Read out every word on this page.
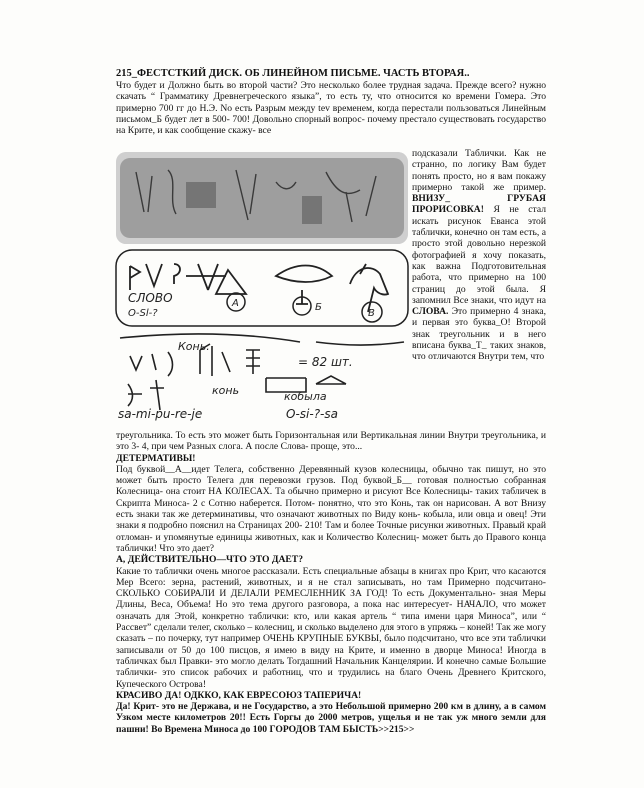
215_ФЕСТСТКИЙ ДИСК. ОБ ЛИНЕЙНОМ ПИСЬМЕ. ЧАСТЬ ВТОРАЯ..
Что будет и Должно быть во второй части? Это несколько более трудная задача. Прежде всего? нужно скачать “ Грамматику Древнегреческого языка”, то есть ту, что относится ко времени Гомера. Это примерно 700 гг до Н.Э. No есть Разрым между tev временем, когда перестали пользоваться Линейным письмом_Б будет лет в 500- 700! Довольно спорный вопрос- почему престало существовать государство на Крите, и как сообщение скажу- все
СЛОВО
О-Sl-?
А	Б
В
Конь.
= 82 шт.
конь	кобыла
sa-mi-pu-re-je	O-si-?-sa
подсказали Таблички. Как не странно, по логику Вам будет понять просто, но я вам покажу примерно такой же пример. ВНИЗУ_ ГРУБАЯ ПРОРИСОВКА! Я не стал искать рисунок Еванса этой таблички, конечно он там есть, а просто этой довольно нерезкой фотографией я хочу показать, как важна Подготовительная работа, что примерно на 100 страниц до этой была. Я запомнил Все знаки, что идут на СЛОВА. Это примерно 4 знака, и первая это буква_О! Второй знак треугольник и в него вписана буква_Т_ таких знаков, что отличаются Внутри тем, что
треугольника. То есть это может быть Горизонтальная или Вертикальная линии Внутри треугольника, и это 3- 4, при чем Разных слога. А после Слова- проще, это...
ДЕТЕРМАТИВЫ!
Под буквой__А__идет Телега, собственно Деревянный кузов колесницы, обычно так пишут, но это может быть просто Телега для перевозки грузов. Под буквой_Б__ готовая полностью собранная Колесница- она стоит НА КОЛЕСАХ. Та обычно примерно и рисуют Все Колесницы- таких табличек в Скрипта Миноса- 2 с Сотню наберется. Потом- понятно, что это Конь, так он нарисован. А вот Внизу есть знаки так же детерминативы, что означают животных по Виду конь- кобыла, или овца и овец! Эти знаки я подробно пояснил на Страницах 200- 210! Там и более Точные рисунки животных. Правый край отломан- и упомянутые единицы животных, как и Количество Колесниц- может быть до Правого конца таблички! Что это дает?
А, ДЕЙСТВИТЕЛЬНО—ЧТО ЭТО ДАЕТ?
Какие то таблички очень многое рассказали. Есть специальные абзацы в книгах про Крит, что касаются Мер Всего: зерна, растений, животных, и я не стал записывать, но там Примерно подсчитано- СКОЛЬКО СОБИРАЛИ И ДЕЛАЛИ РЕМЕСЛЕННИК ЗА ГОД! То есть Документально- зная Меры Длины, Веса, Объема! Но это тема другого разговора, а пока нас интересует- НАЧАЛО, что может означать для Этой, конкретно таблички: кто, или какая артель “ типа имени царя Миноса”, или “ Рассвет” сделали телег, сколько – колесниц, и сколько выделено для этого в упряжь – коней! Так же могу сказать – по почерку, тут например ОЧЕНЬ КРУПНЫЕ БУКВЫ, было подсчитано, что все эти таблички записывали от 50 до 100 писцов, я имею в виду на Крите, и именно в дворце Миноса! Иногда в табличках был Правки- это могло делать Тогдашний Начальник Канцелярии. И конечно самые Большие таблички- это список рабочих и работниц, что и трудились на благо Очень Древнего Критского, Купеческого Острова!
КРАСИВО ДА! ОДККО, КАК ЕВРЕСОЮЗ ТАПЕРИЧА!
Да! Крит- это не Держава, и не Государство, а это Небольшой примерно 200 км в длину, а в самом Узком месте километров 20!! Есть Горгы до 2000 метров, ущелья и не так уж много земли для пашни! Во Времена Миноса до 100 ГОРОДОВ ТАМ БЫСТЬ>>215>>
